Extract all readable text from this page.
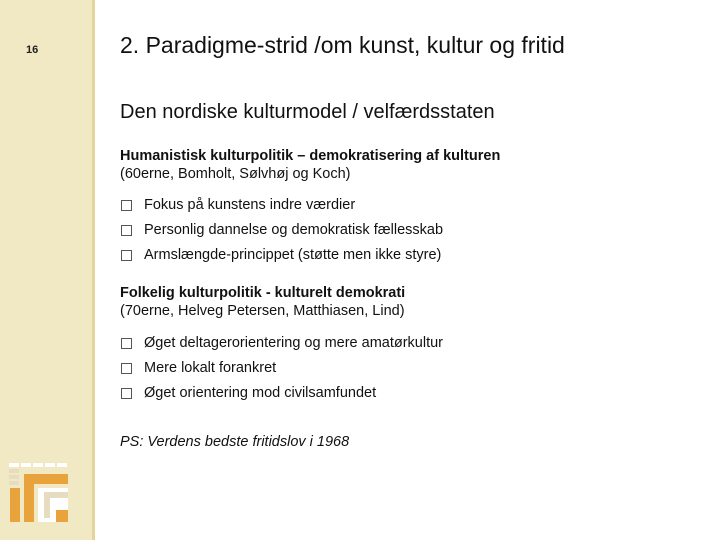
16	2. Paradigme-strid /om kunst, kultur og fritid
Den nordiske kulturmodel / velfærdsstaten
Humanistisk kulturpolitik – demokratisering af kulturen
(60erne, Bomholt, Sølvhøj og Koch)
Fokus på kunstens indre værdier
Personlig dannelse og demokratisk fællesskab
Armslængde-princippet (støtte men ikke styre)
Folkelig kulturpolitik - kulturelt demokrati
(70erne, Helveg Petersen, Matthiasen, Lind)
Øget deltagerorientering og mere amatørkultur
Mere lokalt forankret
Øget orientering mod civilsamfundet
PS: Verdens bedste fritidslov i 1968
